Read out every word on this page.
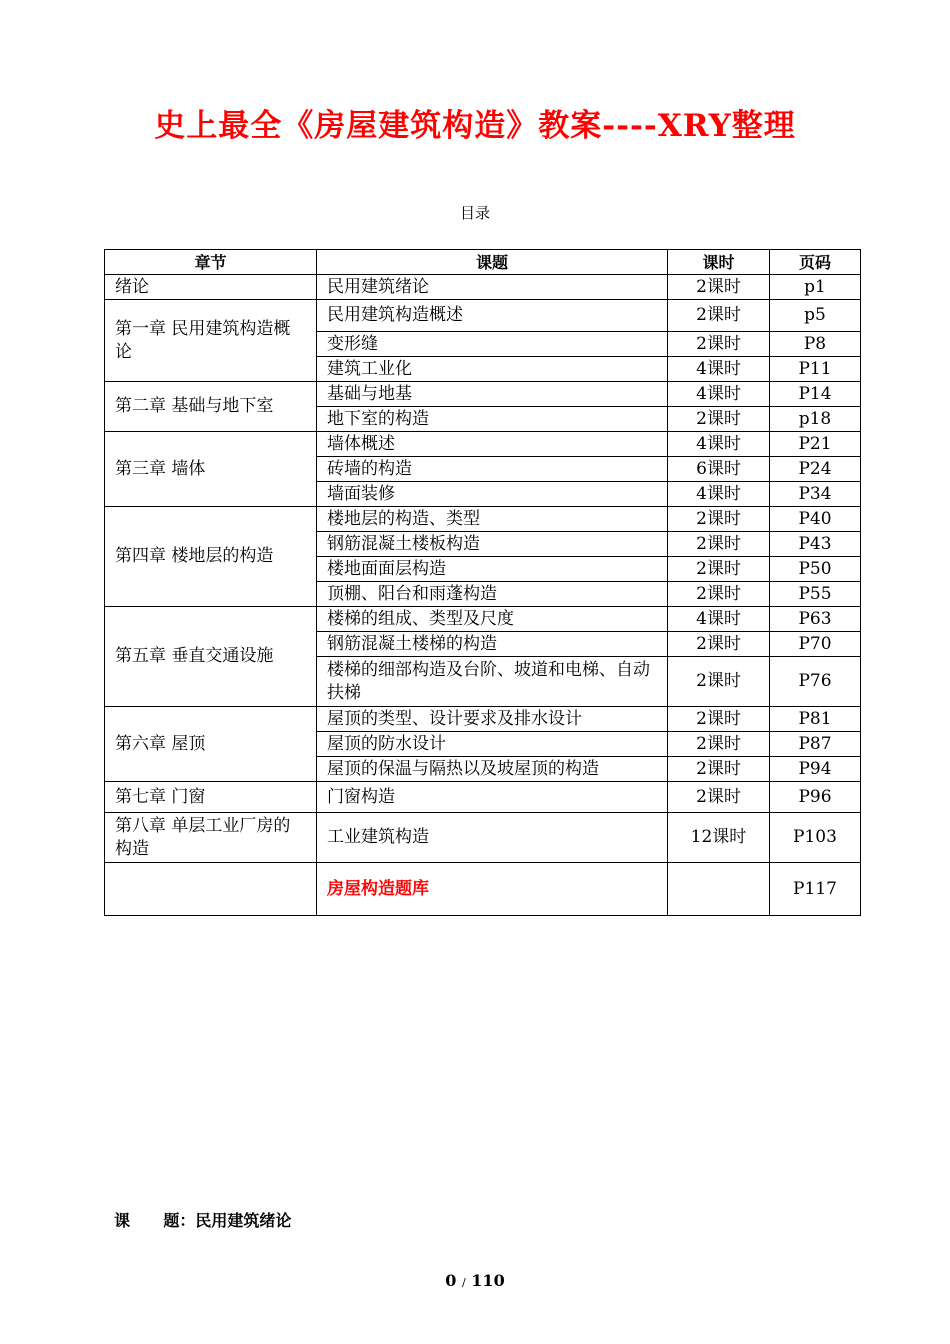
史上最全《房屋建筑构造》教案----XRY整理
目录
章节	课题	课时	页码
绪论	民用建筑绪论	2课时	p1
第一章 民用建筑构造概论	民用建筑构造概述	2课时	p5
	变形缝	2课时	P8
	建筑工业化	4课时	P11
第二章 基础与地下室	基础与地基	4课时	P14
	地下室的构造	2课时	p18
第三章 墙体	墙体概述	4课时	P21
	砖墙的构造	6课时	P24
	墙面装修	4课时	P34
第四章 楼地层的构造	楼地层的构造、类型	2课时	P40
	钢筋混凝土楼板构造	2课时	P43
	楼地面面层构造	2课时	P50
	顶棚、阳台和雨蓬构造	2课时	P55
第五章 垂直交通设施	楼梯的组成、类型及尺度	4课时	P63
	钢筋混凝土楼梯的构造	2课时	P70
	楼梯的细部构造及台阶、坡道和电梯、自动扶梯	2课时	P76
第六章 屋顶	屋顶的类型、设计要求及排水设计	2课时	P81
	屋顶的防水设计	2课时	P87
	屋顶的保温与隔热以及坡屋顶的构造	2课时	P94
第七章 门窗	门窗构造	2课时	P96
第八章 单层工业厂房的构造	工业建筑构造	12课时	P103
	房屋构造题库		P117
课      题：民用建筑绪论
0 / 110
